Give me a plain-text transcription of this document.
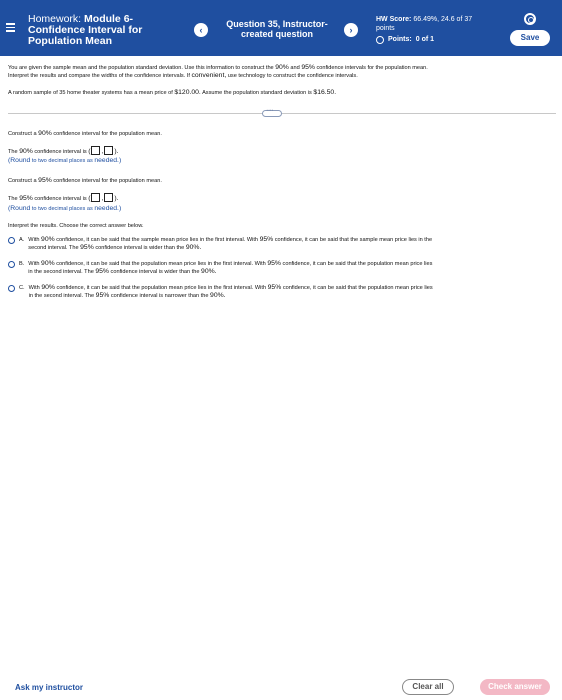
Homework: Module 6-
Confidence Interval for
Population Mean
‹
Question 35, Instructor-
created question	›
HW Score: 66.49%, 24.6 of 37
points
Points: 0 of 1	Save
You are given the sample mean and the population standard deviation. Use this information to construct the 90% and 95% confidence intervals for the population mean.
Interpret the results and compare the widths of the confidence intervals. If convenient, use technology to construct the confidence intervals.
A random sample of 35 home theater systems has a mean price of $120.00. Assume the population standard deviation is $16.50.
····
Construct a 90% confidence interval for the population mean.
The 90% confidence interval is ( , ).
(Round to two decimal places as needed.)
Construct a 95% confidence interval for the population mean.
The 95% confidence interval is ( , ).
(Round to two decimal places as needed.)
Interpret the results. Choose the correct answer below.
A. With 90% confidence, it can be said that the sample mean price lies in the first interval. With 95% confidence, it can be said that the sample mean price lies in the
second interval. The 95% confidence interval is wider than the 90%.
B. With 90% confidence, it can be said that the population mean price lies in the first interval. With 95% confidence, it can be said that the population mean price lies
in the second interval. The 95% confidence interval is wider than the 90%.
C. With 90% confidence, it can be said that the population mean price lies in the first interval. With 95% confidence, it can be said that the population mean price lies
in the second interval. The 95% confidence interval is narrower than the 90%.
Ask my instructor	Clear all	Check answer
